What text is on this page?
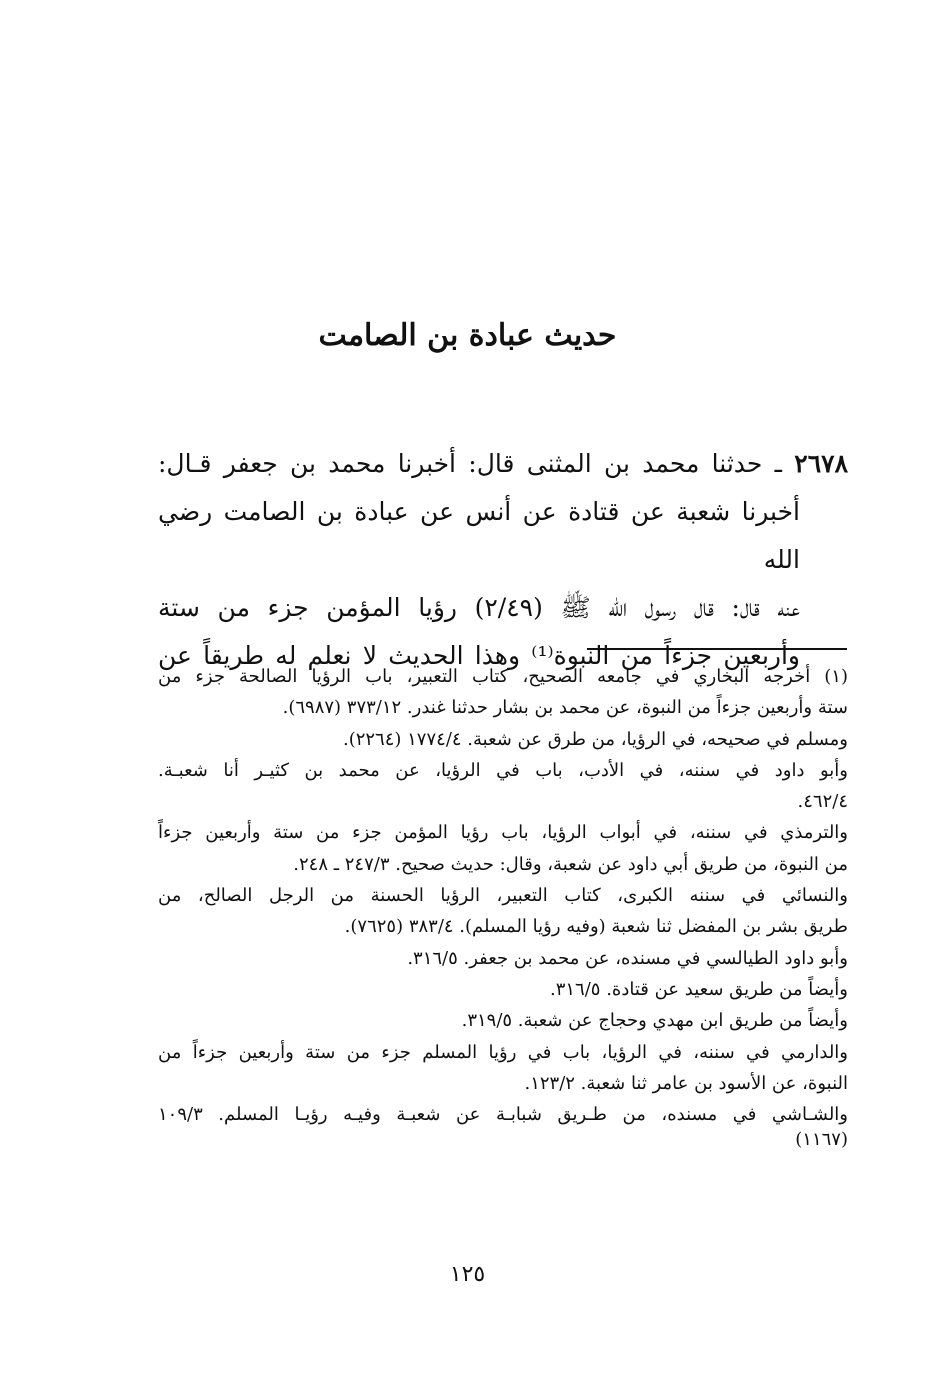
حديث عبادة بن الصامت
٢٦٧٨ ـ حدثنا محمد بن المثنى قال: أخبرنا محمد بن جعفر قـال:
أخبرنا شعبة عن قتادة عن أنس عن عبادة بن الصامت رضي الله
عنه قال: قال رسول الله ﷺ (٢/٤٩) رؤيا المؤمن جزء من ستة
وأربعين جزءاً من النبوة⁽¹⁾ وهذا الحديث لا نعلم له طريقاً عن
(١) أخرجه البخاري في جامعه الصحيح، كتاب التعبير، باب الرؤيا الصالحة جزء من
ستة وأربعين جزءاً من النبوة، عن محمد بن بشار حدثنا غندر. ٣٧٣/١٢ (٦٩٨٧).
ومسلم في صحيحه، في الرؤيا، من طرق عن شعبة. ١٧٧٤/٤ (٢٢٦٤).
وأبو داود في سننه، في الأدب، باب في الرؤيا، عن محمد بن كثيـر أنا شعبـة.
٤٦٢/٤.
والترمذي في سننه، في أبواب الرؤيا، باب رؤيا المؤمن جزء من ستة وأربعين جزءاً
من النبوة، من طريق أبي داود عن شعبة، وقال: حديث صحيح. ٢٤٧/٣ ـ ٢٤٨.
والنسائي في سننه الكبرى، كتاب التعبير، الرؤيا الحسنة من الرجل الصالح، من
طريق بشر بن المفضل ثنا شعبة (وفيه رؤيا المسلم). ٣٨٣/٤ (٧٦٢٥).
وأبو داود الطيالسي في مسنده، عن محمد بن جعفر. ٣١٦/٥.
وأيضاً من طريق سعيد عن قتادة. ٣١٦/٥.
وأيضاً من طريق ابن مهدي وحجاج عن شعبة. ٣١٩/٥.
والدارمي في سننه، في الرؤيا، باب في رؤيا المسلم جزء من ستة وأربعين جزءاً من
النبوة، عن الأسود بن عامر ثنا شعبة. ١٢٣/٢.
والشـاشي في مسنده، من طـريق شبابـة عن شعبـة وفيـه رؤيـا المسلم. ١٠٩/٣
(١١٦٧)
١٢٥
